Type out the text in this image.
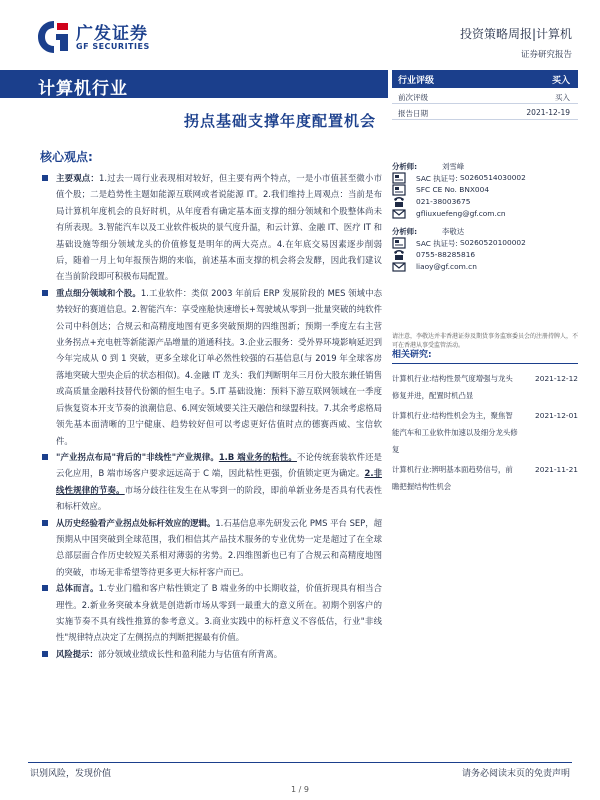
广发证券
GF SECURITIES
投资策略周报|计算机
证券研究报告
计算机行业
拐点基础支撑年度配置机会
核心观点:
主要观点：1.过去一周行业表现相对较好，但主要有两个特点，一是小市值甚至微小市值个股；二是趋势性主题如能源互联网或者说能源 IT。2.我们维持上周观点：当前是布局计算机年度机会的良好时机，从年度看有确定基本面支撑的细分领域和个股整体尚未有所表现。3.智能汽车以及工业软件板块的景气度升温，和云计算、金融 IT、医疗 IT 和基础设施等细分领域龙头的价值修复是明年的两大亮点。4.在年底交易因素逐步削弱后，随着一月上旬年报预告期的来临，前述基本面支撑的机会将会发酵，因此我们建议在当前阶段即可积极布局配置。
重点细分领域和个股。1.工业软件：类似 2003 年前后 ERP 发展阶段的 MES 领域中态势较好的赛道信息。2.智能汽车：享受座舱快速增长+驾驶域从零到一批量突破的纯软件公司中科创达；合规云和高精度地图有更多突破预期的四维图新；预期一季度左右主营业务拐点+充电桩等新能源产品增量的道通科技。3.企业云服务：受外界环境影响延迟到今年完成从 0 到 1 突破，更多全球化订单必然性较强的石基信息(与 2019 年全球客房落地突破大型央企后的状态相似)。4.金融 IT 龙头：我们判断明年三月份大股东兼任销售或高质量金融科技替代份额的恒生电子。5.IT 基础设施：预料下游互联网领域在一季度后恢复资本开支节奏的浪潮信息、6.网安领域要关注天融信和绿盟科技。7.其余考虑格局领先基本面清晰的卫宁健康、趋势较好但可以考虑更好估值时点的德赛西威、宝信软件。
"产业拐点布局"背后的"非线性"产业规律。1.B 端业务的粘性。不论传统套装软件还是云化应用，B 端市场客户要求远远高于 C 端，因此粘性更强，价值锁定更为确定。2.非线性规律的节奏。市场分歧往往发生在从零到一的阶段，即前单新业务是否具有代表性和标杆效应。
从历史经验看产业拐点处标杆效应的逻辑。1.石基信息率先研发云化 PMS 平台 SEP，超预期从中国突破到全球范围，我们相信其产品技术服务的专业优势一定是超过了在全球总部层面合作历史较短关系相对薄弱的劣势。2.四维图新也已有了合规云和高精度地图的突破，市场无非希望等待更多更大标杆客户而已。
总体而言。1.专业门槛和客户粘性锁定了 B 端业务的中长期收益，价值折现具有相当合理性。2.新业务突破本身就是创造新市场从零到一最重大的意义所在。初期个别客户的实施节奏不具有线性推算的参考意义。3.商业实践中的标杆意义不容低估，行业"非线性"规律特点决定了左侧拐点的判断把握最有价值。
风险提示：部分领域业绩成长性和盈利能力与估值有所背离。
行业评级	买入
前次评级	买入
报告日期	2021-12-19
分析师:	刘雪峰
SAC 执证号: S0260514030002
SFC CE No. BNX004
021-38003675
gfliuxuefeng@gf.com.cn
分析师:	李敬达
SAC 执证号: S0260520100002
0755-88285816
liaoy@gf.com.cn
请注意，李敬达并非香港证券及期货事务监察委员会的注册持牌人，不可在香港从事受监管活动。
相关研究:
计算机行业:结构性景气度增强与龙头修复并进，配置时机凸显
2021-12-12
计算机行业:结构性机会为主，聚焦智能汽车和工业软件加速以及细分龙头修复
2021-12-01
计算机行业:辨明基本面趋势信号，前瞻把握结构性机会
2021-11-21
识别风险，发现价值	请务必阅读末页的免责声明
1 / 9
